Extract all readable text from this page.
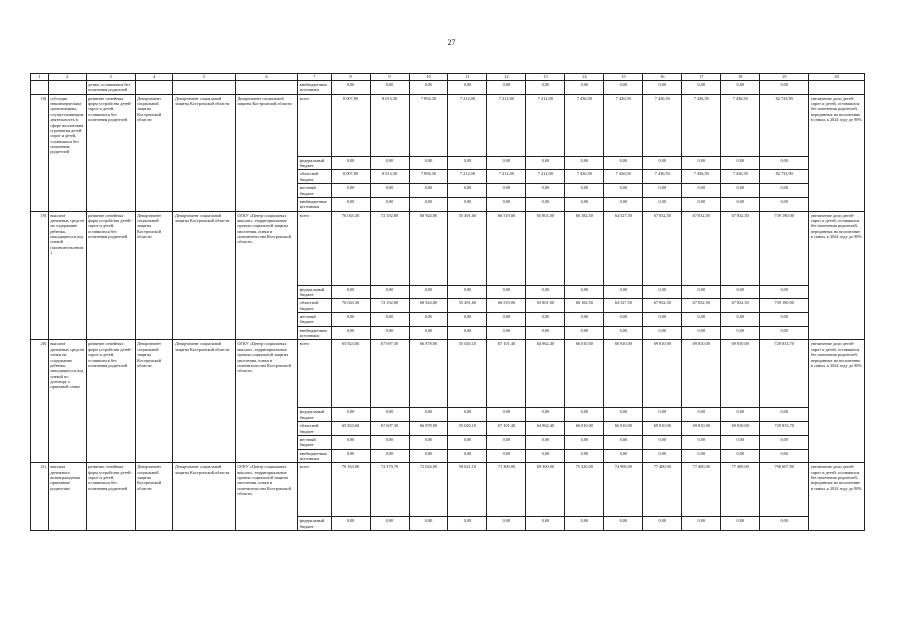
27
1	2	3	4	5	6	7	8	9	10	11	12	13	14	15	16	17	18	19	20
		детям, оставшимся без попечения родителей				внебюджетные источники	0,00	0,00	0,00	0,00	0,00	0,00	0,00	0,00	0,00	0,00	0,00	0,00	
18)	субсидии некоммерческим организациям, осуществляющим деятельность в сфере воспитания и развития детей-сирот и детей, оставшихся без попечения родителей	развитие семейных форм устройства детей-сирот и детей, оставшихся без попечения родителей	Департамент социальной защиты Костромской области	Департамент социальной защиты Костромской области	Департамент социальной защиты Костромской области	всего	8 007,80	8 013,30	7 894,30	7 212,00	7 212,00	7 212,00	7 436,50	7 436,50	7 436,50	7 436,50	7 436,50	82 733,90	увеличение доли детей-сирот и детей, оставшихся без попечения родителей, переданных на воспитание в семьи, к 2024 году до 90%
						федеральный бюджет	0,00	0,00	0,00	0,00	0,00	0,00	0,00	0,00	0,00	0,00	0,00	0,00	
						областной бюджет	8 007,80	8 013,30	7 894,30	7 212,00	7 212,00	7 212,00	7 436,50	7 436,50	7 436,50	7 436,50	7 436,50	82 733,90	
						местный бюджет	0,00	0,00	0,00	0,00	0,00	0,00	0,00	0,00	0,00	0,00	0,00	0,00	
						внебюджетные источники	0,00	0,00	0,00	0,00	0,00	0,00	0,00	0,00	0,00	0,00	0,00	0,00	
19)	выплата денежных средств на содержание ребенка, находящегося под опекой (попечительством)	развитие семейных форм устройства детей-сирот и детей, оставшихся без попечения родителей	Департамент социальной защиты Костромской области	Департамент социальной защиты Костромской области	ОГКУ «Центр социальных выплат», территориальные органы социальной защиты населения, опеки и попечительства Костромской области	всего	76 043,30	72 192,80	68 924,80	55 491,60	66 519,00	65 801,00	66 182,50	64 527,50	67 832,50	67 832,50	67 832,50	739 180,00	увеличение доли детей-сирот и детей, оставшихся без попечения родителей, переданных на воспитание в семьи, к 2024 году до 90%
						федеральный бюджет	0,00	0,00	0,00	0,00	0,00	0,00	0,00	0,00	0,00	0,00	0,00	0,00	
						областной бюджет	76 043,30	72 192,80	68 924,80	55 491,60	66 519,00	65 801,00	66 182,50	64 527,50	67 832,50	67 832,50	67 832,50	739 180,00	
						местный бюджет	0,00	0,00	0,00	0,00	0,00	0,00	0,00	0,00	0,00	0,00	0,00	0,00	
						внебюджетные источники	0,00	0,00	0,00	0,00	0,00	0,00	0,00	0,00	0,00	0,00	0,00	0,00	
20)	выплата денежных средств семьи на содержание ребенка, находящегося под опекой по договору о приемной семье	развитие семейных форм устройства детей-сирот и детей, оставшихся без попечения родителей	Департамент социальной защиты Костромской области	Департамент социальной защиты Костромской области	ОГКУ «Центр социальных выплат», территориальные органы социальной защиты населения, опеки и попечительства Костромской области	всего	65 823,60	67 697,30	66 878,90	55 020,10	67 101,40	64 962,40	66 010,00	66 910,00	69 810,00	69 810,00	69 810,00	729 833,70	увеличение доли детей-сирот и детей, оставшихся без попечения родителей, переданных на воспитание в семьи, к 2024 году до 90%
						федеральный бюджет	0,00	0,00	0,00	0,00	0,00	0,00	0,00	0,00	0,00	0,00	0,00	0,00	
						областной бюджет	65 823,60	67 697,30	66 878,90	55 020,10	67 101,40	64 962,40	66 010,00	66 910,00	69 810,00	69 810,00	69 810,00	729 833,70	
						местный бюджет	0,00	0,00	0,00	0,00	0,00	0,00	0,00	0,00	0,00	0,00	0,00	0,00	
						внебюджетные источники	0,00	0,00	0,00	0,00	0,00	0,00	0,00	0,00	0,00	0,00	0,00	0,00	
21)	выплата денежного вознаграждения приемным родителям	развитие семейных форм устройства детей-сирот и детей, оставшихся без попечения родителей	Департамент социальной защиты Костромской области	Департамент социальной защиты Костромской области	ОГКУ «Центр социальных выплат», территориальные органы социальной защиты населения, опеки и попечительства Костромской области	всего	70 163,00	72 379,70	72 024,00	59 021,10	71 300,00	69 300,00	75 320,00	74 900,00	77 400,00	77 400,00	77 400,00	796 607,80	увеличение доли детей-сирот и детей, оставшихся без попечения родителей, переданных на воспитание в семьи, к 2024 году до 90%
						федеральный бюджет	0,00	0,00	0,00	0,00	0,00	0,00	0,00	0,00	0,00	0,00	0,00	0,00	
